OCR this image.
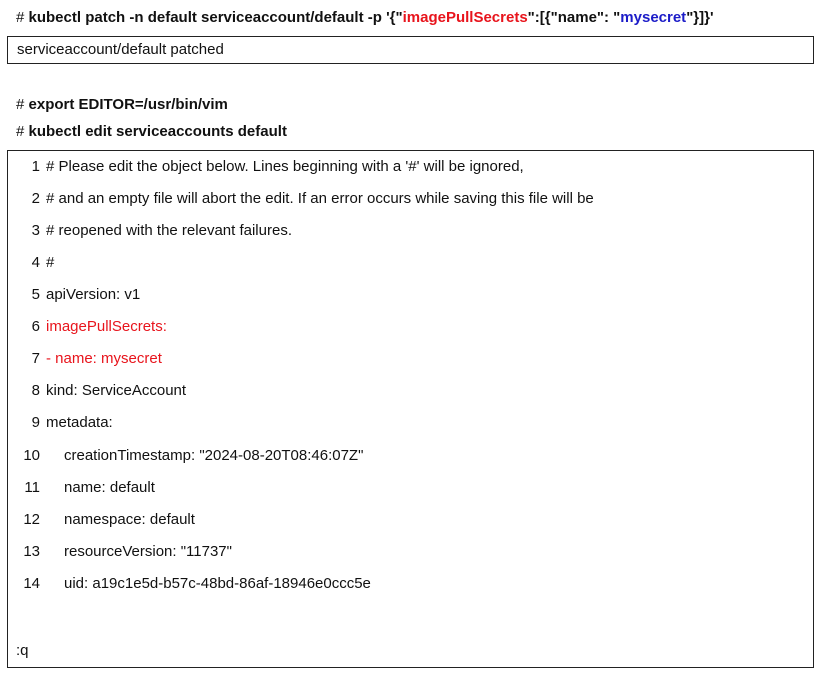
# kubectl patch -n default serviceaccount/default -p '{"imagePullSecrets":[{"name": "mysecret"}]}'
serviceaccount/default patched
# export EDITOR=/usr/bin/vim
# kubectl edit serviceaccounts default
1 # Please edit the object below. Lines beginning with a '#' will be ignored,
2 # and an empty file will abort the edit. If an error occurs while saving this file will be
3 # reopened with the relevant failures.
4 #
5 apiVersion: v1
6 imagePullSecrets:
7 - name: mysecret
8 kind: ServiceAccount
9 metadata:
10 creationTimestamp: "2024-08-20T08:46:07Z"
11 name: default
12 namespace: default
13 resourceVersion: "11737"
14 uid: a19c1e5d-b57c-48bd-86af-18946e0ccc5e
:q
